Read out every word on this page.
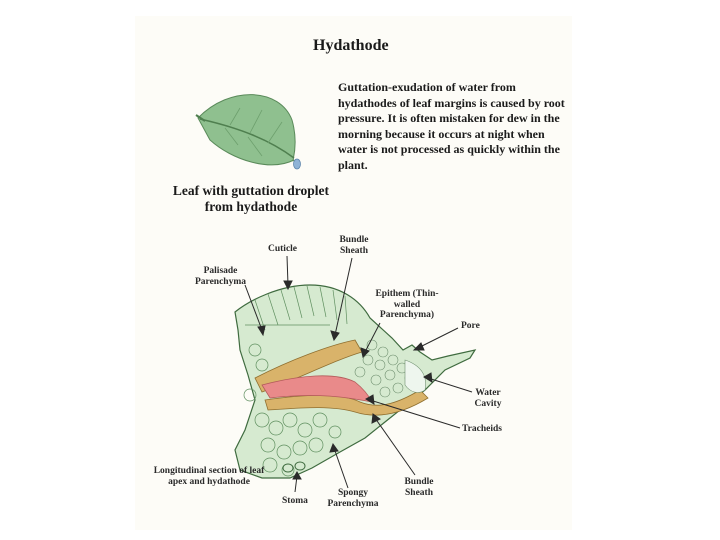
Hydathode
Guttation-exudation of water from hydathodes of leaf margins is caused by root pressure. It is often mistaken for dew in the morning because it occurs at night when water is not processed as quickly within the plant.
Leaf with guttation droplet from hydathode
Cuticle
Bundle Sheath
Palisade Parenchyma
Epithem (Thin-walled Parenchyma)
Pore
Water Cavity
Tracheids
Longitudinal section of leaf apex and hydathode
Stoma
Spongy Parenchyma
Bundle Sheath
